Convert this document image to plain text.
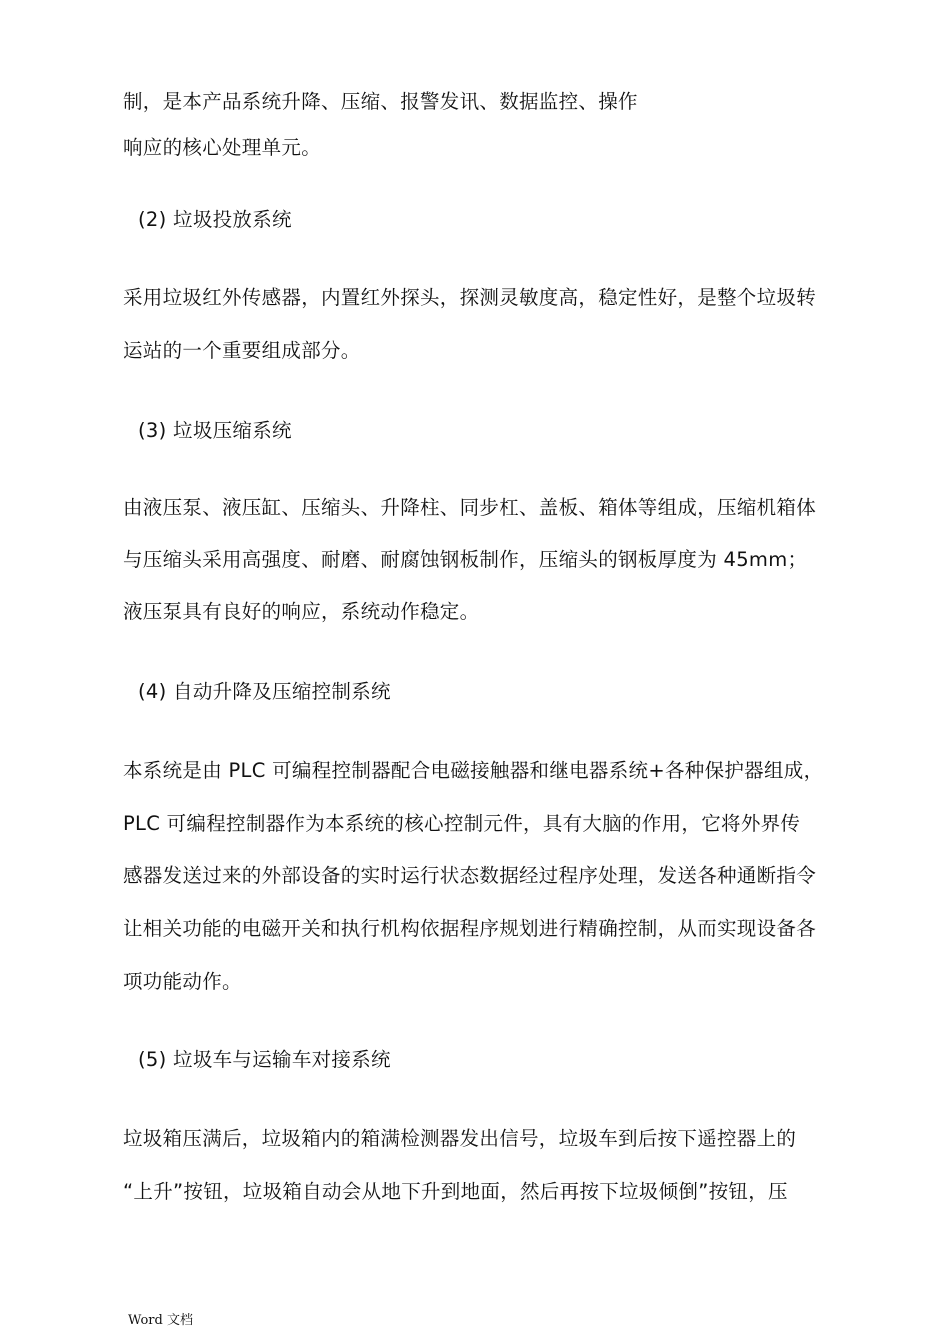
制，是本产品系统升降、压缩、报警发讯、数据监控、操作
响应的核心处理单元。
(2) 垃圾投放系统
采用垃圾红外传感器，内置红外探头，探测灵敏度高，稳定性好，是整个垃圾转
运站的一个重要组成部分。
(3) 垃圾压缩系统
由液压泵、液压缸、压缩头、升降柱、同步杠、盖板、箱体等组成，压缩机箱体
与压缩头采用高强度、耐磨、耐腐蚀钢板制作，压缩头的钢板厚度为 45mm；
液压泵具有良好的响应，系统动作稳定。
(4) 自动升降及压缩控制系统
本系统是由 PLC 可编程控制器配合电磁接触器和继电器系统+各种保护器组成，
PLC 可编程控制器作为本系统的核心控制元件，具有大脑的作用，它将外界传
感器发送过来的外部设备的实时运行状态数据经过程序处理，发送各种通断指令
让相关功能的电磁开关和执行机构依据程序规划进行精确控制，从而实现设备各
项功能动作。
(5) 垃圾车与运输车对接系统
垃圾箱压满后，垃圾箱内的箱满检测器发出信号，垃圾车到后按下遥控器上的
“上升”按钮，垃圾箱自动会从地下升到地面，然后再按下垃圾倾倒”按钮，压
Word 文档
